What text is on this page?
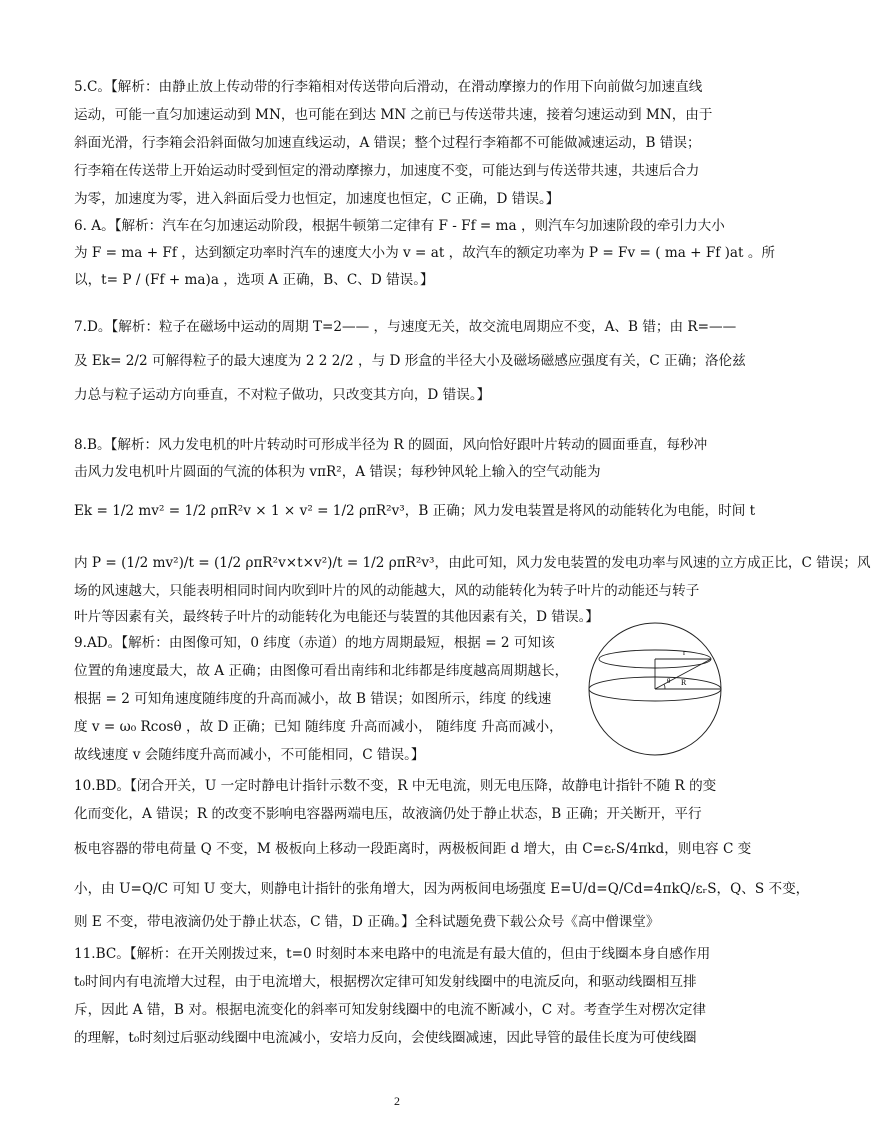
5.C。【解析：由静止放上传动带的行李箱相对传送带向后滑动，在滑动摩擦力的作用下向前做匀加速直线
运动，可能一直匀加速运动到 MN，也可能在到达 MN 之前已与传送带共速，接着匀速运动到 MN，由于
斜面光滑，行李箱会沿斜面做匀加速直线运动，A 错误；整个过程行李箱都不可能做减速运动，B 错误；
行李箱在传送带上开始运动时受到恒定的滑动摩擦力，加速度不变，可能达到与传送带共速，共速后合力
为零，加速度为零，进入斜面后受力也恒定，加速度也恒定，C 正确，D 错误。】
6. A。【解析：汽车在匀加速运动阶段，根据牛顿第二定律有 F - Ff = ma ，则汽车匀加速阶段的牵引力大小
为 F = ma + Ff ，达到额定功率时汽车的速度大小为 v = at ，故汽车的额定功率为 P = Fv = ( ma + Ff )at 。所
以，t= P / (Ff + ma)a ，选项 A 正确，B、C、D 错误。】
7.D。【解析：粒子在磁场中运动的周期 T=2—— ，与速度无关，故交流电周期应不变，A、B 错；由 R=——
及 Ek= 2/2 可解得粒子的最大速度为 2 2 2/2 ，与 D 形盒的半径大小及磁场磁感应强度有关，C 正确；洛伦兹
力总与粒子运动方向垂直，不对粒子做功，只改变其方向，D 错误。】
8.B。【解析：风力发电机的叶片转动时可形成半径为 R 的圆面，风向恰好跟叶片转动的圆面垂直，每秒冲
击风力发电机叶片圆面的气流的体积为 vπR²，A 错误；每秒钟风轮上输入的空气动能为
Ek = 1/2 mv² = 1/2 ρπR²v × 1 × v² = 1/2 ρπR²v³，B 正确；风力发电装置是将风的动能转化为电能，时间 t
内 P = (1/2 mv²)/t = (1/2 ρπR²v×t×v²)/t = 1/2 ρπR²v³，由此可知，风力发电装置的发电功率与风速的立方成正比，C 错误；风
场的风速越大，只能表明相同时间内吹到叶片的风的动能越大，风的动能转化为转子叶片的动能还与转子
叶片等因素有关，最终转子叶片的动能转化为电能还与装置的其他因素有关，D 错误。】
9.AD。【解析：由图像可知，0 纬度（赤道）的地方周期最短，根据 = 2 可知该
位置的角速度最大，故 A 正确；由图像可看出南纬和北纬都是纬度越高周期越长，
根据 = 2 可知角速度随纬度的升高而减小，故 B 错误；如图所示，纬度 的线速
度 v = ω₀ Rcosθ ，故 D 正确；已知 随纬度 升高而减小， 随纬度 升高而减小，
故线速度 v 会随纬度升高而减小，不可能相同，C 错误。】
10.BD。【闭合开关，U 一定时静电计指针示数不变，R 中无电流，则无电压降，故静电计指针不随 R 的变
化而变化，A 错误；R 的改变不影响电容器两端电压，故液滴仍处于静止状态，B 正确；开关断开，平行
板电容器的带电荷量 Q 不变，M 极板向上移动一段距离时，两极板间距 d 增大，由 C=εᵣS/4πkd，则电容 C 变
小，由 U=Q/C 可知 U 变大，则静电计指针的张角增大，因为两板间电场强度 E=U/d=Q/Cd=4πkQ/εᵣS，Q、S 不变，
则 E 不变，带电液滴仍处于静止状态，C 错，D 正确。】全科试题免费下载公众号《高中僧课堂》
11.BC。【解析：在开关刚拨过来，t=0 时刻时本来电路中的电流是有最大值的，但由于线圈本身自感作用
t₀时间内有电流增大过程，由于电流增大，根据楞次定律可知发射线圈中的电流反向，和驱动线圈相互排
斥，因此 A 错，B 对。根据电流变化的斜率可知发射线圈中的电流不断减小，C 对。考查学生对楞次定律
的理解，t₀时刻过后驱动线圈中电流减小，安培力反向，会使线圈减速，因此导管的最佳长度为可使线圈
r
R
θ
2
